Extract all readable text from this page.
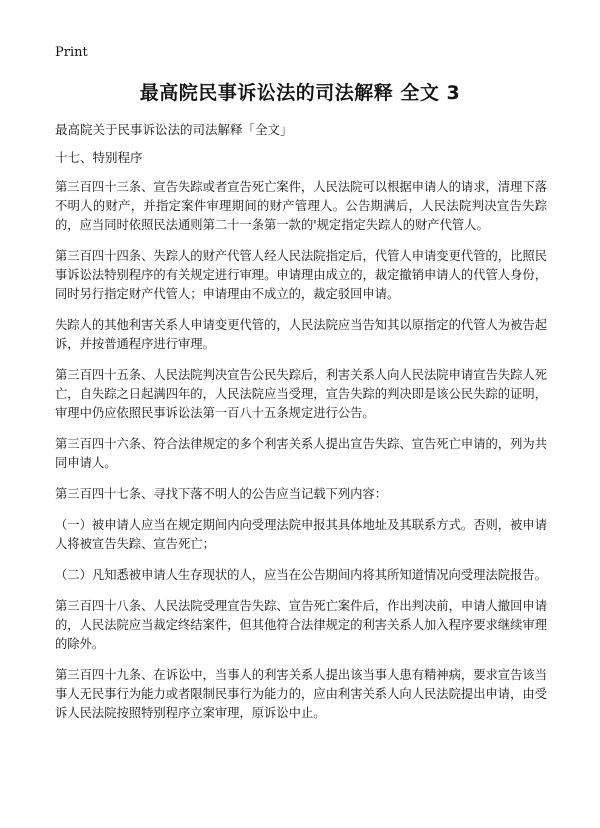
Print
最高院民事诉讼法的司法解释 全文 3

最高院关于民事诉讼法的司法解释「全文」

十七、特别程序

第三百四十三条、宣告失踪或者宣告死亡案件，人民法院可以根据申请人的请求，清理下落不明人的财产，并指定案件审理期间的财产管理人。公告期满后，人民法院判决宣告失踪的，应当同时依照民法通则第二十一条第一款的'规定指定失踪人的财产代管人。

第三百四十四条、失踪人的财产代管人经人民法院指定后，代管人申请变更代管的，比照民事诉讼法特别程序的有关规定进行审理。申请理由成立的，裁定撤销申请人的代管人身份，同时另行指定财产代管人；申请理由不成立的，裁定驳回申请。

失踪人的其他利害关系人申请变更代管的，人民法院应当告知其以原指定的代管人为被告起诉，并按普通程序进行审理。

第三百四十五条、人民法院判决宣告公民失踪后，利害关系人向人民法院申请宣告失踪人死亡，自失踪之日起满四年的，人民法院应当受理，宣告失踪的判决即是该公民失踪的证明，审理中仍应依照民事诉讼法第一百八十五条规定进行公告。

第三百四十六条、符合法律规定的多个利害关系人提出宣告失踪、宣告死亡申请的，列为共同申请人。

第三百四十七条、寻找下落不明人的公告应当记载下列内容：

（一）被申请人应当在规定期间内向受理法院申报其具体地址及其联系方式。否则，被申请人将被宣告失踪、宣告死亡；

（二）凡知悉被申请人生存现状的人，应当在公告期间内将其所知道情况向受理法院报告。

第三百四十八条、人民法院受理宣告失踪、宣告死亡案件后，作出判决前，申请人撤回申请的，人民法院应当裁定终结案件，但其他符合法律规定的利害关系人加入程序要求继续审理的除外。

第三百四十九条、在诉讼中，当事人的利害关系人提出该当事人患有精神病，要求宣告该当事人无民事行为能力或者限制民事行为能力的，应由利害关系人向人民法院提出申请，由受诉人民法院按照特别程序立案审理，原诉讼中止。
